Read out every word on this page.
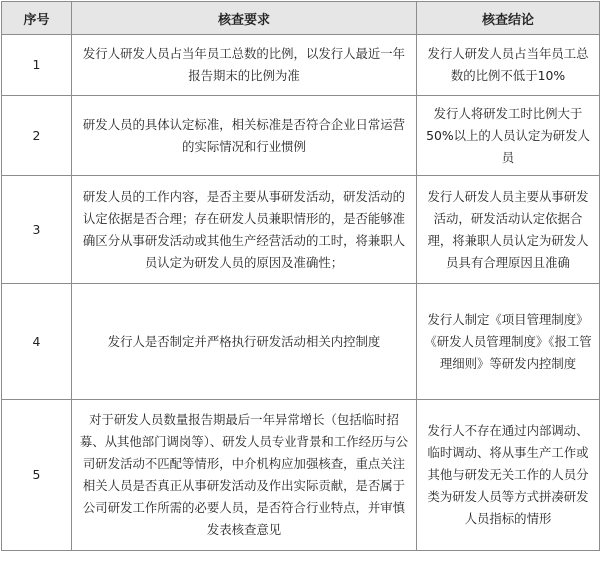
序号	核查要求	核查结论
1	发行人研发人员占当年员工总数的比例，以发行人最近一年报告期末的比例为准	发行人研发人员占当年员工总数的比例不低于10%
2	研发人员的具体认定标准，相关标准是否符合企业日常运营的实际情况和行业惯例	发行人将研发工时比例大于50%以上的人员认定为研发人员
3	研发人员的工作内容，是否主要从事研发活动，研发活动的认定依据是否合理；存在研发人员兼职情形的，是否能够准确区分从事研发活动或其他生产经营活动的工时，将兼职人员认定为研发人员的原因及准确性；	发行人研发人员主要从事研发活动，研发活动认定依据合理，将兼职人员认定为研发人员具有合理原因且准确
4	发行人是否制定并严格执行研发活动相关内控制度	发行人制定《项目管理制度》《研发人员管理制度》《报工管理细则》等研发内控制度
5	对于研发人员数量报告期最后一年异常增长（包括临时招募、从其他部门调岗等）、研发人员专业背景和工作经历与公司研发活动不匹配等情形，中介机构应加强核查，重点关注相关人员是否真正从事研发活动及作出实际贡献，是否属于公司研发工作所需的必要人员，是否符合行业特点，并审慎发表核查意见	发行人不存在通过内部调动、临时调动、将从事生产工作或其他与研发无关工作的人员分类为研发人员等方式拼凑研发人员指标的情形
